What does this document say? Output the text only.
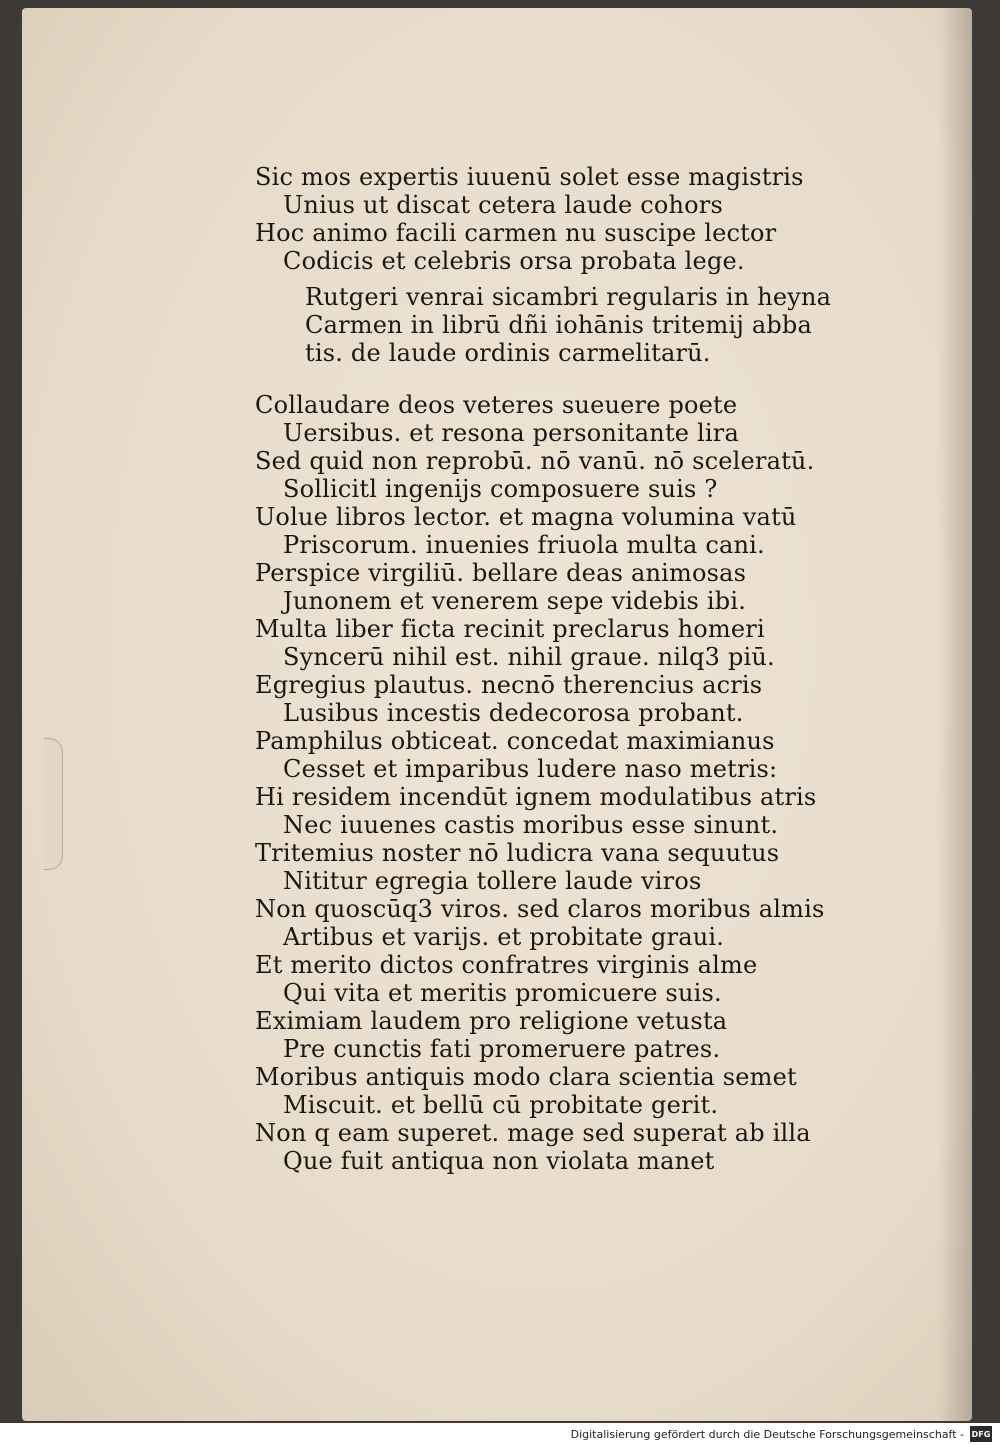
Sic mos expertis iuuenū solet esse magistris
Unius ut discat cetera laude cohors
Hoc animo facili carmen nu suscipe lector
Codicis et celebris orsa probata lege.
Rutgeri venrai sicambri regularis in heyna
Carmen in librū dñi iohānis tritemij abba
tis. de laude ordinis carmelitarū.
Collaudare deos veteres sueuere poete
Uersibus. et resona personitante lira
Sed quid non reprobū. nō vanū. nō sceleratū.
Sollicitl ingenijs composuere suis ?
Uolue libros lector. et magna volumina vatū
Priscorum. inuenies friuola multa cani.
Perspice virgiliū. bellare deas animosas
Junonem et venerem sepe videbis ibi.
Multa liber ficta recinit preclarus homeri
Syncerū nihil est. nihil graue. nilq3 piū.
Egregius plautus. necnō therencius acris
Lusibus incestis dedecorosa probant.
Pamphilus obticeat. concedat maximianus
Cesset et imparibus ludere naso metris:
Hi residem incendūt ignem modulatibus atris
Nec iuuenes castis moribus esse sinunt.
Tritemius noster nō ludicra vana sequutus
Nititur egregia tollere laude viros
Non quoscūq3 viros. sed claros moribus almis
Artibus et varijs. et probitate graui.
Et merito dictos confratres virginis alme
Qui vita et meritis promicuere suis.
Eximiam laudem pro religione vetusta
Pre cunctis fati promeruere patres.
Moribus antiquis modo clara scientia semet
Miscuit. et bellū cū probitate gerit.
Non q eam superet. mage sed superat ab illa
Que fuit antiqua non violata manet
Digitalisierung gefördert durch die Deutsche Forschungsgemeinschaft - DFG
